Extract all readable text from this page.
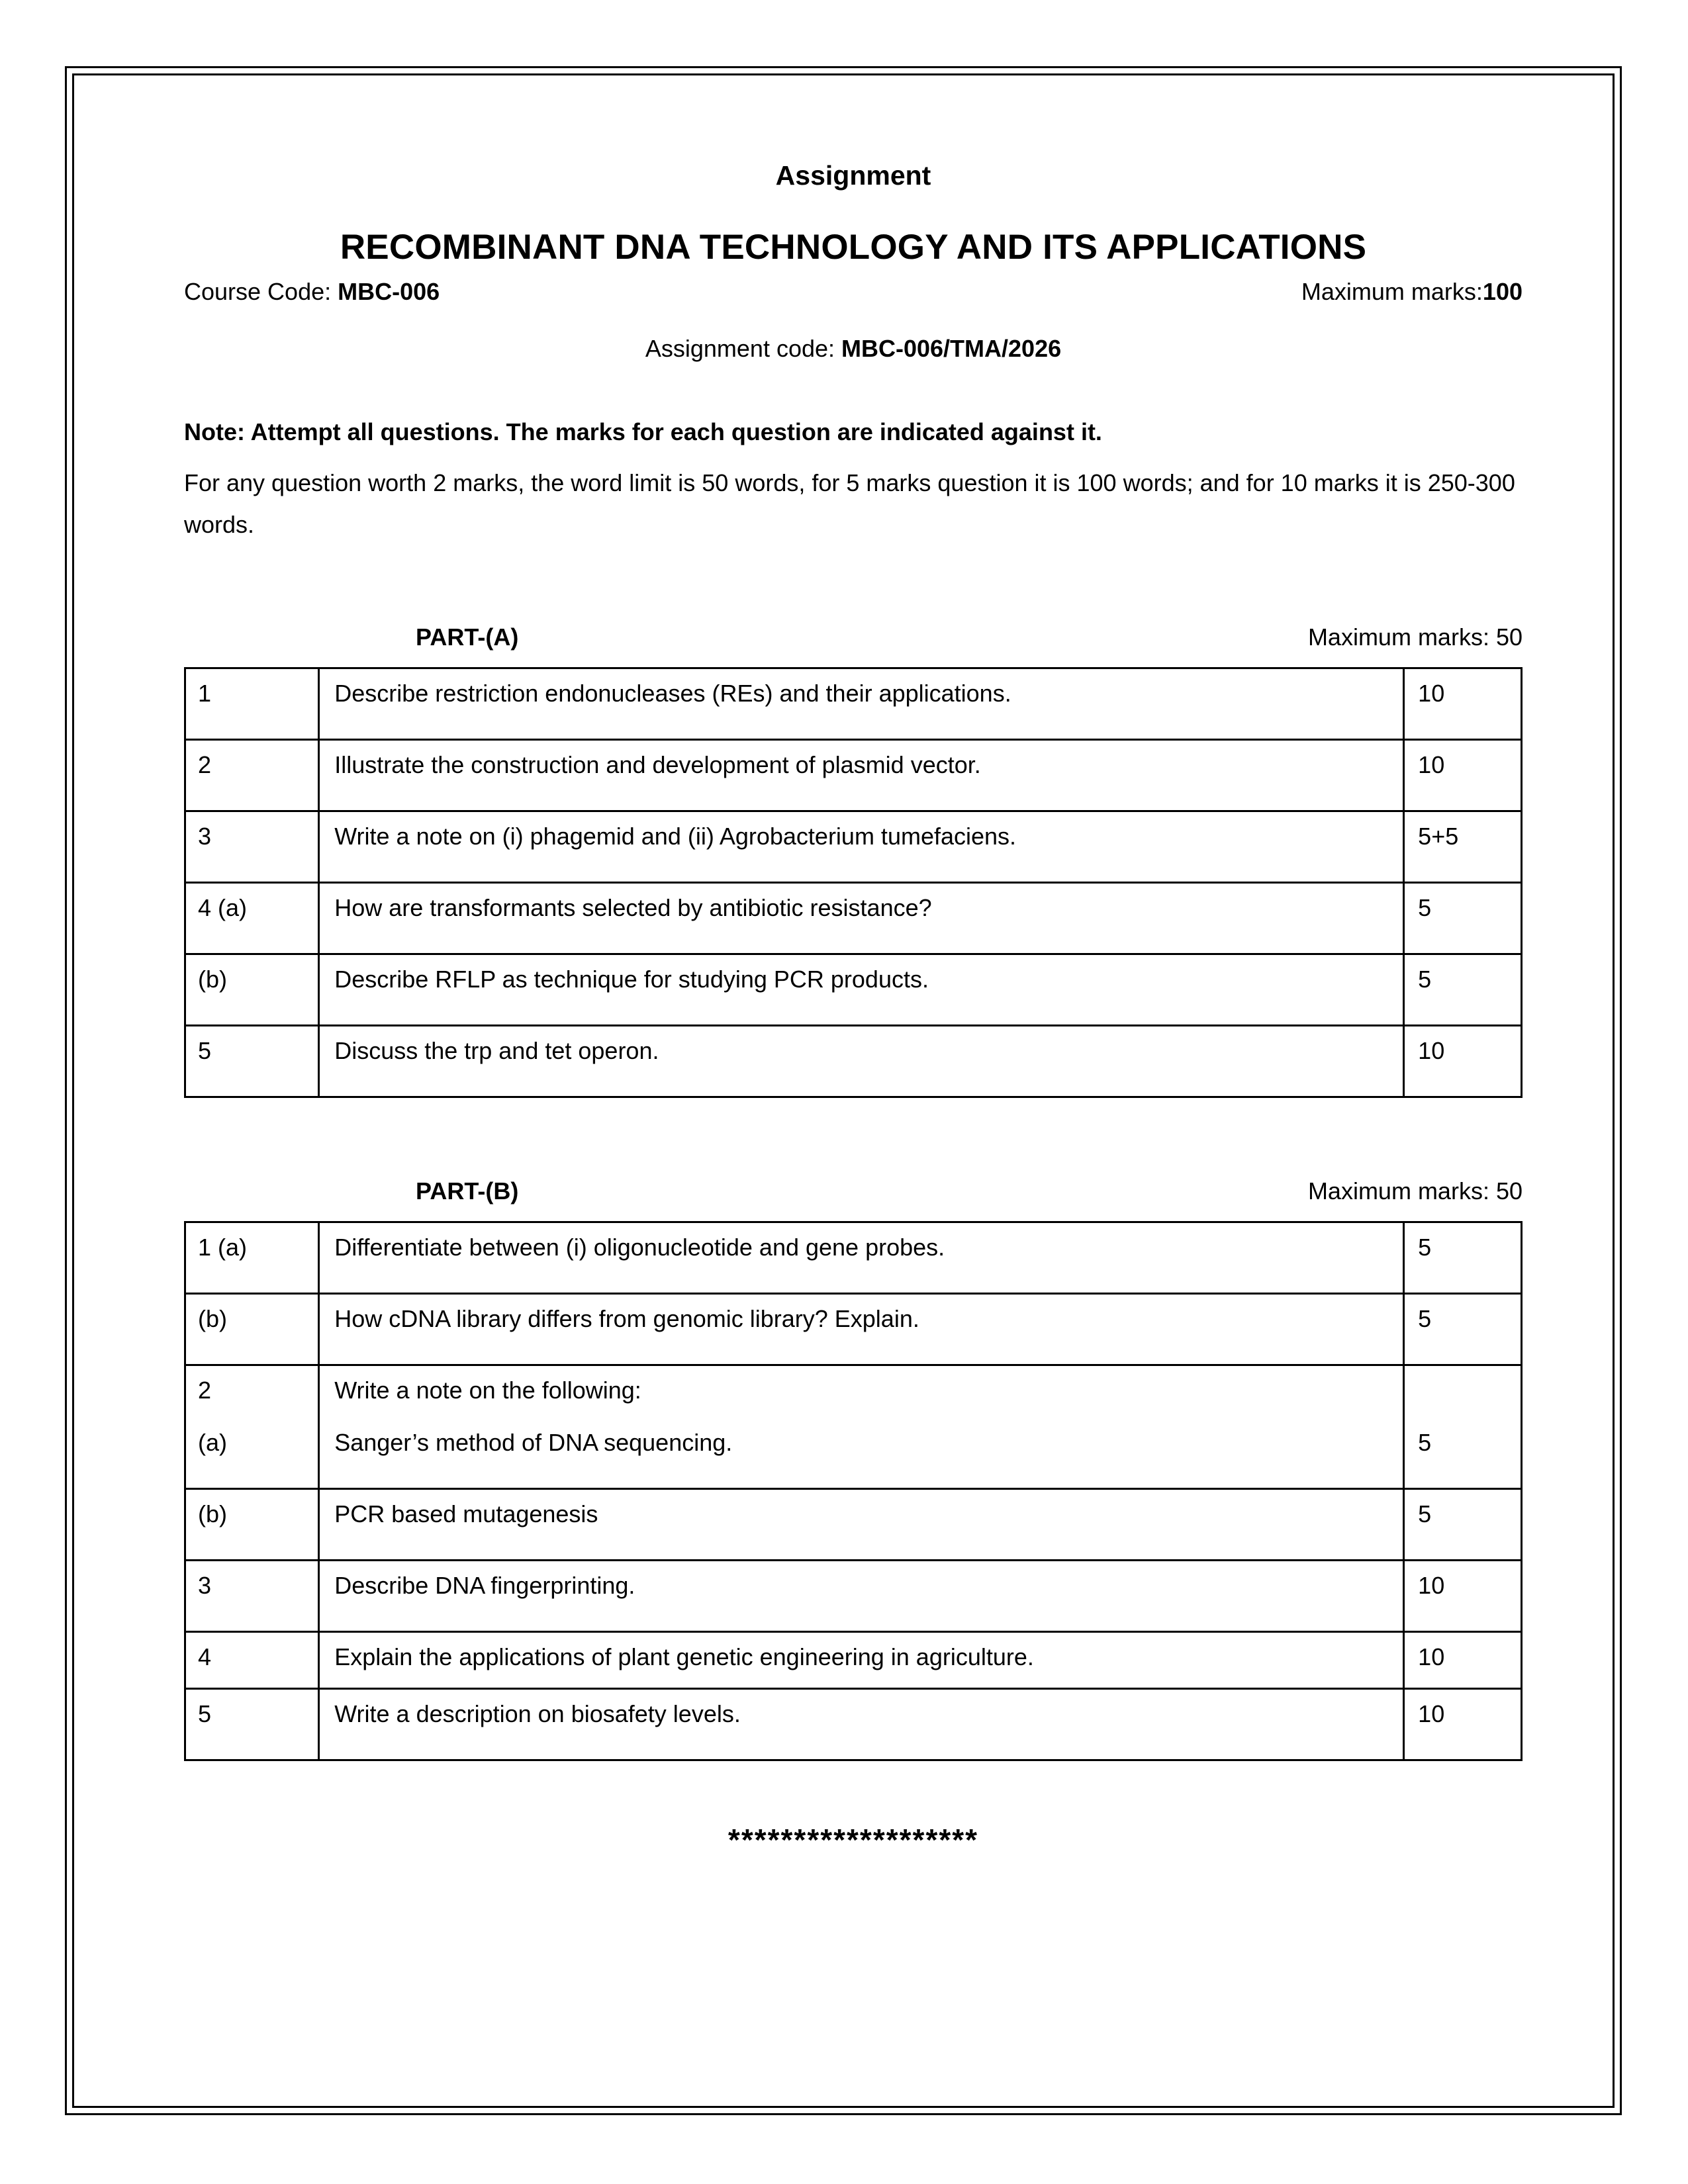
Assignment
RECOMBINANT DNA TECHNOLOGY AND ITS APPLICATIONS
Course Code: MBC-006	Maximum marks:100
Assignment code: MBC-006/TMA/2026
Note: Attempt all questions. The marks for each question are indicated against it.
For any question worth 2 marks, the word limit is 50 words, for 5 marks question it is 100 words; and for 10 marks it is 250-300 words.
PART-(A)	Maximum marks: 50
1	Describe restriction endonucleases (REs) and their applications.	10
2	Illustrate the construction and development of plasmid vector.	10
3	Write a note on (i) phagemid and (ii) Agrobacterium tumefaciens.	5+5
4 (a)	How are transformants selected by antibiotic resistance?	5
(b)	Describe RFLP as technique for studying PCR products.	5
5	Discuss the trp and tet operon.	10
PART-(B)	Maximum marks: 50
1 (a)	Differentiate between (i) oligonucleotide and gene probes.	5
(b)	How cDNA library differs from genomic library? Explain.	5
2	Write a note on the following:	
(a)	Sanger’s method of DNA sequencing.	5
(b)	PCR based mutagenesis	5
3	Describe DNA fingerprinting.	10
4	Explain the applications of plant genetic engineering in agriculture.	10
5	Write a description on biosafety levels.	10
*******************
